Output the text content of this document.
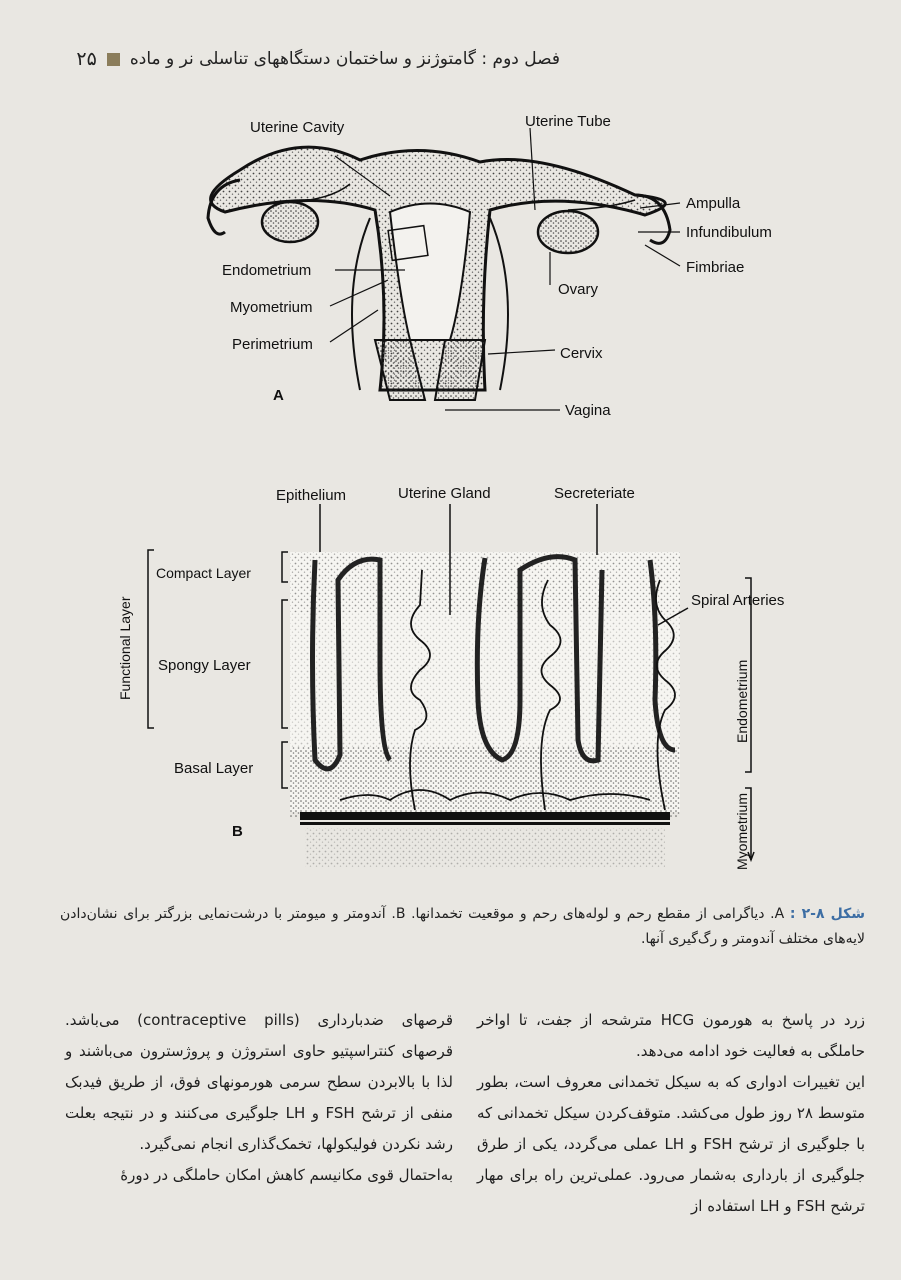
فصل دوم : گامتوژنز و ساختمان دستگاههای تناسلی نر و ماده
۲۵
Uterine Cavity	Uterine Tube
Ampulla
Infundibulum
Fimbriae
Endometrium
Myometrium
Perimetrium
Ovary
Cervix
Vagina
A
Epithelium	Uterine Gland	Secreteriate
Compact Layer
Functional Layer Spongy Layer
Basal Layer
Spiral Arteries
Endometrium
Myometrium
B
شکل ۸-۲ : A. دیاگرامی از مقطع رحم و لوله‌های رحم و موقعیت تخمدانها. B. آندومتر و میومتر با درشت‌نمایی بزرگتر برای نشان‌دادن لایه‌های مختلف آندومتر و رگ‌گیری آنها.

زرد در پاسخ به هورمون HCG مترشحه از جفت، تا اواخر حاملگی به فعالیت خود ادامه می‌دهد.

این تغییرات ادواری که به سیکل تخمدانی معروف است، بطور متوسط ۲۸ روز طول می‌کشد. متوقف‌کردن سیکل تخمدانی که با جلوگیری از ترشح FSH و LH عملی می‌گردد، یکی از طرق جلوگیری از بارداری به‌شمار می‌رود. عملی‌ترین راه برای مهار ترشح FSH و LH استفاده از

قرصهای ضدبارداری (contraceptive pills) می‌باشد. قرصهای کنتراسپتیو حاوی استروژن و پروژسترون می‌باشند و لذا با بالابردن سطح سرمی هورمونهای فوق، از طریق فیدبک منفی از ترشح FSH و LH جلوگیری می‌کنند و در نتیجه بعلت رشد نکردن فولیکولها، تخمک‌گذاری انجام نمی‌گیرد.

به‌احتمال قوی مکانیسم کاهش امکان حاملگی در دورهٔ
